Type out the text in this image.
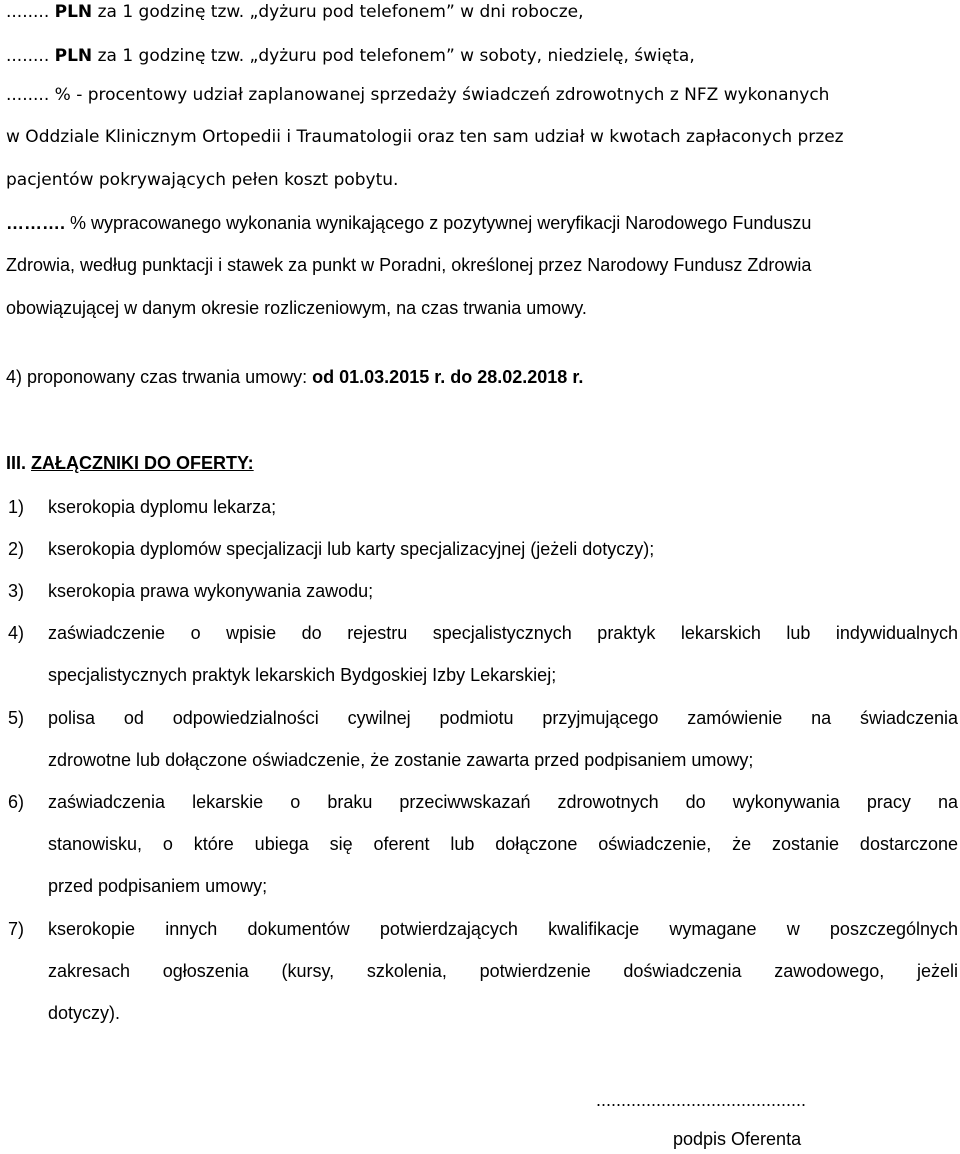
........ PLN za 1 godzinę tzw. „dyżuru pod telefonem” w dni robocze,
........ PLN za 1 godzinę tzw. „dyżuru pod telefonem” w soboty, niedzielę, święta,
........ % - procentowy udział zaplanowanej sprzedaży świadczeń zdrowotnych z NFZ wykonanych
w Oddziale Klinicznym Ortopedii i Traumatologii oraz ten sam udział w kwotach zapłaconych przez
pacjentów pokrywających pełen koszt pobytu.
………. % wypracowanego wykonania wynikającego z pozytywnej weryfikacji Narodowego Funduszu
Zdrowia, według punktacji i stawek za punkt w Poradni, określonej przez Narodowy Fundusz Zdrowia
obowiązującej w danym okresie rozliczeniowym, na czas trwania umowy.
4) proponowany czas trwania umowy: od 01.03.2015 r. do 28.02.2018 r.
III. ZAŁĄCZNIKI DO OFERTY:
1) kserokopia dyplomu lekarza;
2) kserokopia dyplomów specjalizacji lub karty specjalizacyjnej (jeżeli dotyczy);
3) kserokopia prawa wykonywania zawodu;
4) zaświadczenie o wpisie do rejestru specjalistycznych praktyk lekarskich lub indywidualnych
specjalistycznych praktyk lekarskich Bydgoskiej Izby Lekarskiej;
5) polisa od odpowiedzialności cywilnej podmiotu przyjmującego zamówienie na świadczenia
zdrowotne lub dołączone oświadczenie, że zostanie zawarta przed podpisaniem umowy;
6) zaświadczenia lekarskie o braku przeciwwskazań zdrowotnych do wykonywania pracy na
stanowisku, o które ubiega się oferent lub dołączone oświadczenie, że zostanie dostarczone
przed podpisaniem umowy;
7) kserokopie innych dokumentów potwierdzających kwalifikacje wymagane w poszczególnych
zakresach ogłoszenia (kursy, szkolenia, potwierdzenie doświadczenia zawodowego, jeżeli
dotyczy).
..........................................
podpis Oferenta
